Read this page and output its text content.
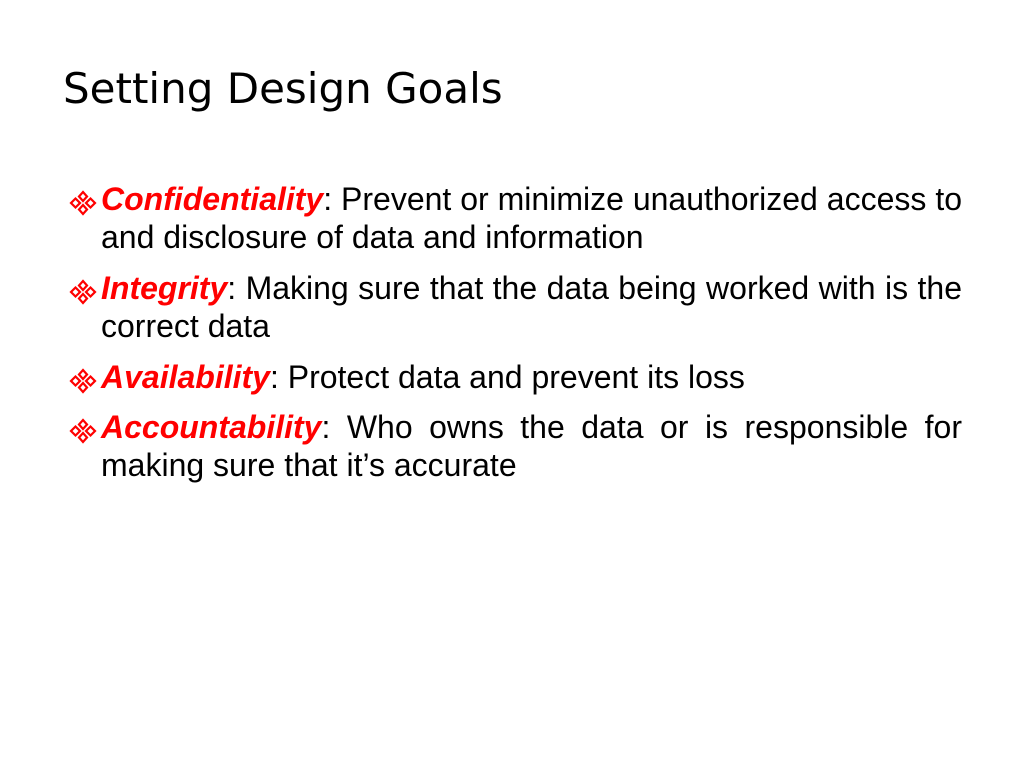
Setting Design Goals
Confidentiality: Prevent or minimize unauthorized access to and disclosure of data and information
Integrity: Making sure that the data being worked with is the correct data
Availability: Protect data and prevent its loss
Accountability: Who owns the data or is responsible for making sure that it’s accurate
